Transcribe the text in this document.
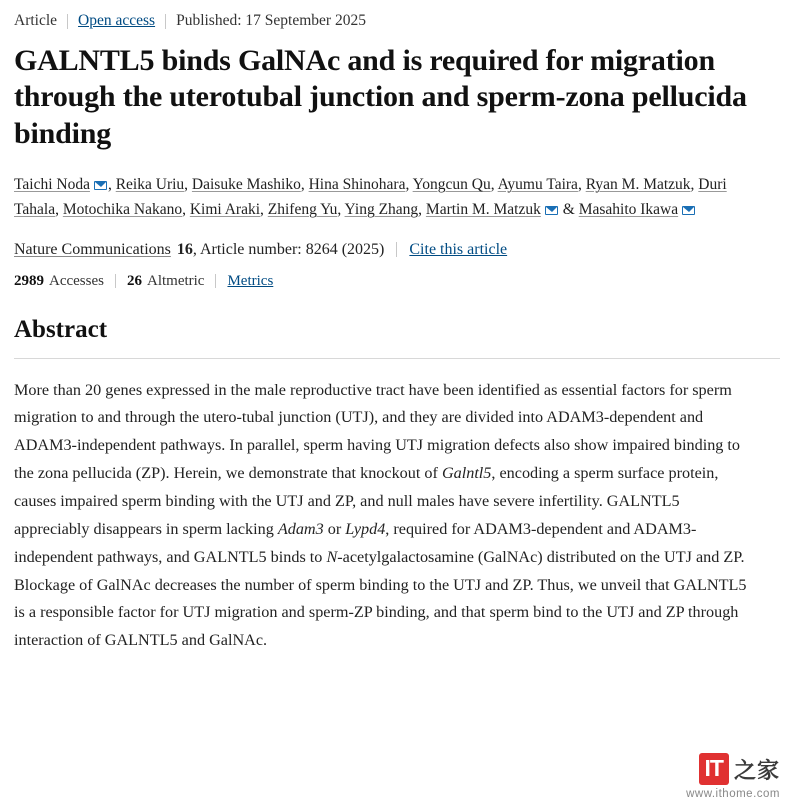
Article Open access Published: 17 September 2025
GALNTL5 binds GalNAc and is required for migration through the uterotubal junction and sperm-zona pellucida binding
Taichi Noda , Reika Uriu, Daisuke Mashiko, Hina Shinohara, Yongcun Qu, Ayumu Taira, Ryan M. Matzuk, Duri Tahala, Motochika Nakano, Kimi Araki, Zhifeng Yu, Ying Zhang, Martin M. Matzuk & Masahito Ikawa
Nature Communications 16 , Article number: 8264 (2025) Cite this article
2989 Accesses 26 Altmetric Metrics
Abstract
More than 20 genes expressed in the male reproductive tract have been identified as essential factors for sperm migration to and through the utero-tubal junction (UTJ), and they are divided into ADAM3-dependent and ADAM3-independent pathways. In parallel, sperm having UTJ migration defects also show impaired binding to the zona pellucida (ZP). Herein, we demonstrate that knockout of Galntl5, encoding a sperm surface protein, causes impaired sperm binding with the UTJ and ZP, and null males have severe infertility. GALNTL5 appreciably disappears in sperm lacking Adam3 or Lypd4, required for ADAM3-dependent and ADAM3-independent pathways, and GALNTL5 binds to N-acetylgalactosamine (GalNAc) distributed on the UTJ and ZP. Blockage of GalNAc decreases the number of sperm binding to the UTJ and ZP. Thus, we unveil that GALNTL5 is a responsible factor for UTJ migration and sperm-ZP binding, and that sperm bind to the UTJ and ZP through interaction of GALNTL5 and GalNAc.
IT 之家
www.ithome.com
